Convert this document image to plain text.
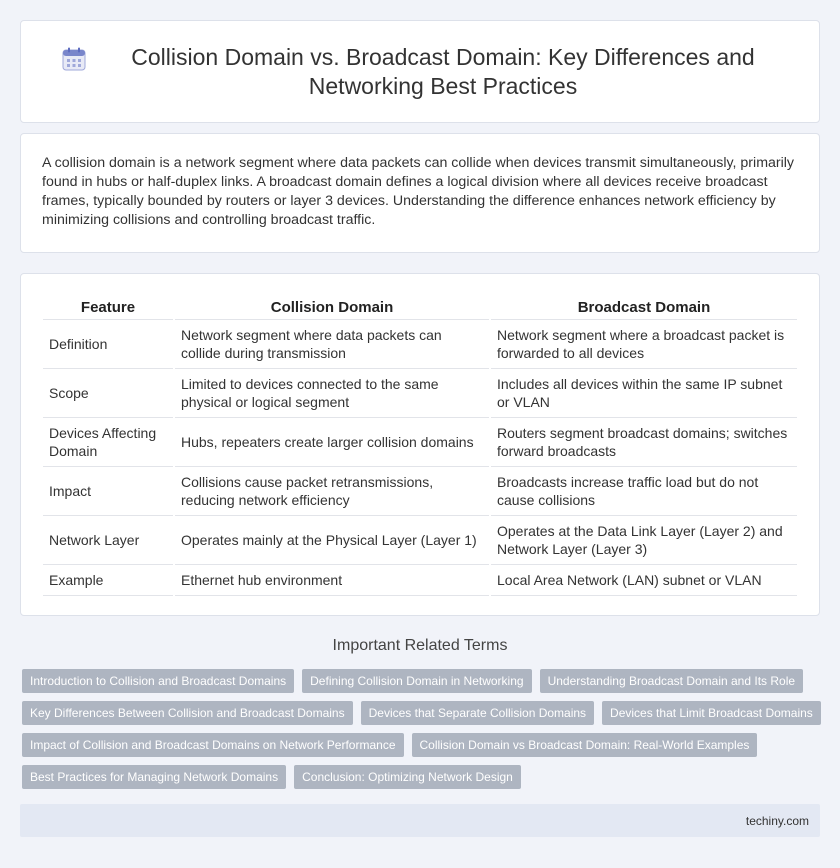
Collision Domain vs. Broadcast Domain: Key Differences and Networking Best Practices

A collision domain is a network segment where data packets can collide when devices transmit simultaneously, primarily found in hubs or half-duplex links. A broadcast domain defines a logical division where all devices receive broadcast frames, typically bounded by routers or layer 3 devices. Understanding the difference enhances network efficiency by minimizing collisions and controlling broadcast traffic.

Feature	Collision Domain	Broadcast Domain
Definition	Network segment where data packets can collide during transmission	Network segment where a broadcast packet is forwarded to all devices
Scope	Limited to devices connected to the same physical or logical segment	Includes all devices within the same IP subnet or VLAN
Devices Affecting Domain	Hubs, repeaters create larger collision domains	Routers segment broadcast domains; switches forward broadcasts
Impact	Collisions cause packet retransmissions, reducing network efficiency	Broadcasts increase traffic load but do not cause collisions
Network Layer	Operates mainly at the Physical Layer (Layer 1)	Operates at the Data Link Layer (Layer 2) and Network Layer (Layer 3)
Example	Ethernet hub environment	Local Area Network (LAN) subnet or VLAN
Important Related Terms
Introduction to Collision and Broadcast Domains	Defining Collision Domain in Networking	Understanding Broadcast Domain and Its Role
Key Differences Between Collision and Broadcast Domains	Devices that Separate Collision Domains	Devices that Limit Broadcast Domains
Impact of Collision and Broadcast Domains on Network Performance	Collision Domain vs Broadcast Domain: Real-World Examples
Best Practices for Managing Network Domains	Conclusion: Optimizing Network Design
techiny.com
